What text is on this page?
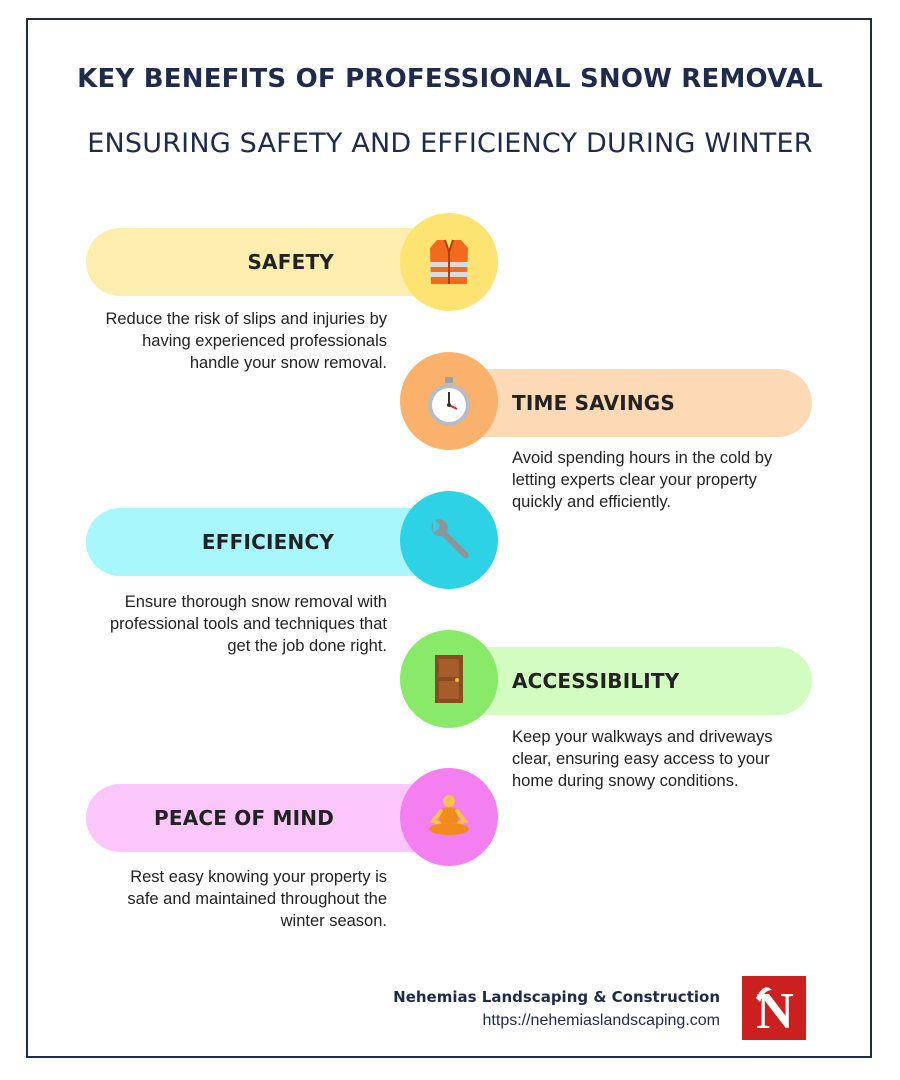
KEY BENEFITS OF PROFESSIONAL SNOW REMOVAL
ENSURING SAFETY AND EFFICIENCY DURING WINTER
SAFETY
Reduce the risk of slips and injuries by having experienced professionals handle your snow removal.
TIME SAVINGS
Avoid spending hours in the cold by letting experts clear your property quickly and efficiently.
EFFICIENCY
Ensure thorough snow removal with professional tools and techniques that get the job done right.
ACCESSIBILITY
Keep your walkways and driveways clear, ensuring easy access to your home during snowy conditions.
PEACE OF MIND
Rest easy knowing your property is safe and maintained throughout the winter season.
Nehemias Landscaping & Construction
https://nehemiaslandscaping.com N
